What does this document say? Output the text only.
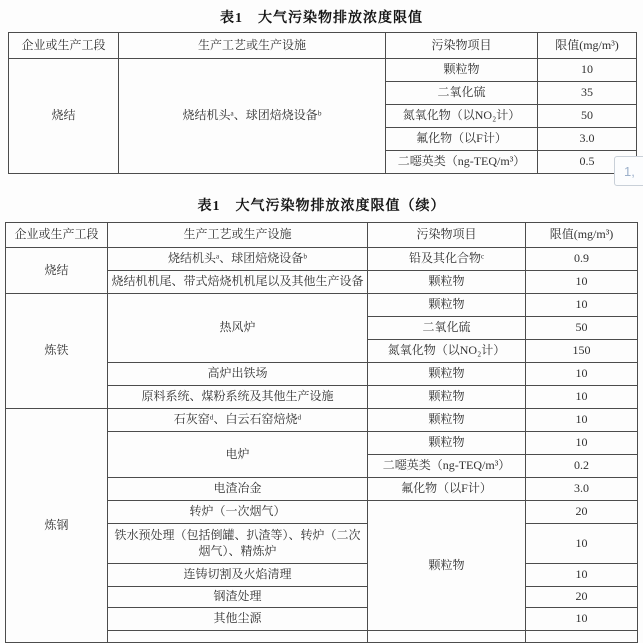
表1　大气污染物排放浓度限值
企业或生产工段	生产工艺或生产设施	污染物项目	限值(mg/m³)
烧结	烧结机头ᵃ、球团焙烧设备ᵇ	颗粒物	10
		二氧化硫	35
		氮氧化物（以NO₂计）	50
		氟化物（以F计）	3.0
		二噁英类（ng-TEQ/m³）	0.5
1,
表1　大气污染物排放浓度限值（续）
企业或生产工段	生产工艺或生产设施	污染物项目	限值(mg/m³)
烧结	烧结机头ᵃ、球团焙烧设备ᵇ	铅及其化合物ᶜ	0.9
	烧结机机尾、带式焙烧机机尾以及其他生产设备	颗粒物	10
炼铁	热风炉	颗粒物	10
		二氧化硫	50
		氮氧化物（以NO₂计）	150
	高炉出铁场	颗粒物	10
	原料系统、煤粉系统及其他生产设施	颗粒物	10
炼钢	石灰窑ᵈ、白云石窑焙烧ᵈ	颗粒物	10
	电炉	颗粒物	10
		二噁英类（ng-TEQ/m³）	0.2
	电渣冶金	氟化物（以F计）	3.0
	转炉（一次烟气）	颗粒物	20
	铁水预处理（包括倒罐、扒渣等）、转炉（二次烟气）、精炼炉		10
	连铸切割及火焰清理		10
	钢渣处理		20
	其他尘源		10
